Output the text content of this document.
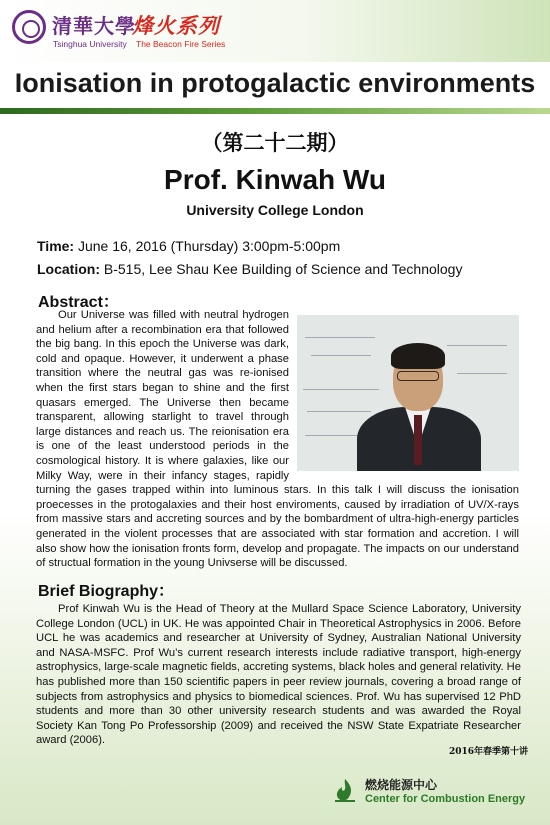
清華大學
Tsinghua University
烽火系列
The Beacon Fire Series
Ionisation in protogalactic environments
（第二十二期）
Prof. Kinwah Wu
University College London
Time: June 16, 2016 (Thursday) 3:00pm-5:00pm
Location: B-515, Lee Shau Kee Building of Science and Technology
Abstract：

Our Universe was filled with neutral hydrogen and helium after a recombination era that followed the big bang. In this epoch the Universe was dark, cold and opaque. However, it underwent a phase transition where the neutral gas was re-ionised when the first stars began to shine and the first quasars emerged. The Universe then became transparent, allowing starlight to travel through large distances and reach us. The reionisation era is one of the least understood periods in the cosmological history. It is where galaxies, like our Milky Way, were in their infancy stages, rapidly turning the gases trapped within into luminous stars. In this talk I will discuss the ionisation proecesses in the protogalaxies and their host enviroments, caused by irradiation of UV/X-rays from massive stars and accreting sources and by the bombardment of ultra-high-energy particles generated in the violent processes that are associated with star formation and accretion. I will also show how the ionisation fronts form, develop and propagate. The impacts on our understand of structual formation in the young Univserse will be discussed.

Brief Biography：

Prof Kinwah Wu is the Head of Theory at the Mullard Space Science Laboratory, University College London (UCL) in UK. He was appointed Chair in Theoretical Astrophysics in 2006. Before UCL he was academics and researcher at University of Sydney, Australian National University and NASA-MSFC. Prof Wu’s current research interests include radiative transport, high-energy astrophysics, large-scale magnetic fields, accreting systems, black holes and general relativity. He has published more than 150 scientific papers in peer review journals, covering a broad range of subjects from astrophysics and physics to biomedical sciences. Prof. Wu has supervised 12 PhD students and more than 30 other university research students and was awarded the Royal Society Kan Tong Po Professorship (2009) and received the NSW State Expatriate Researcher award (2006).

2016年春季第十讲
燃烧能源中心
Center for Combustion Energy
